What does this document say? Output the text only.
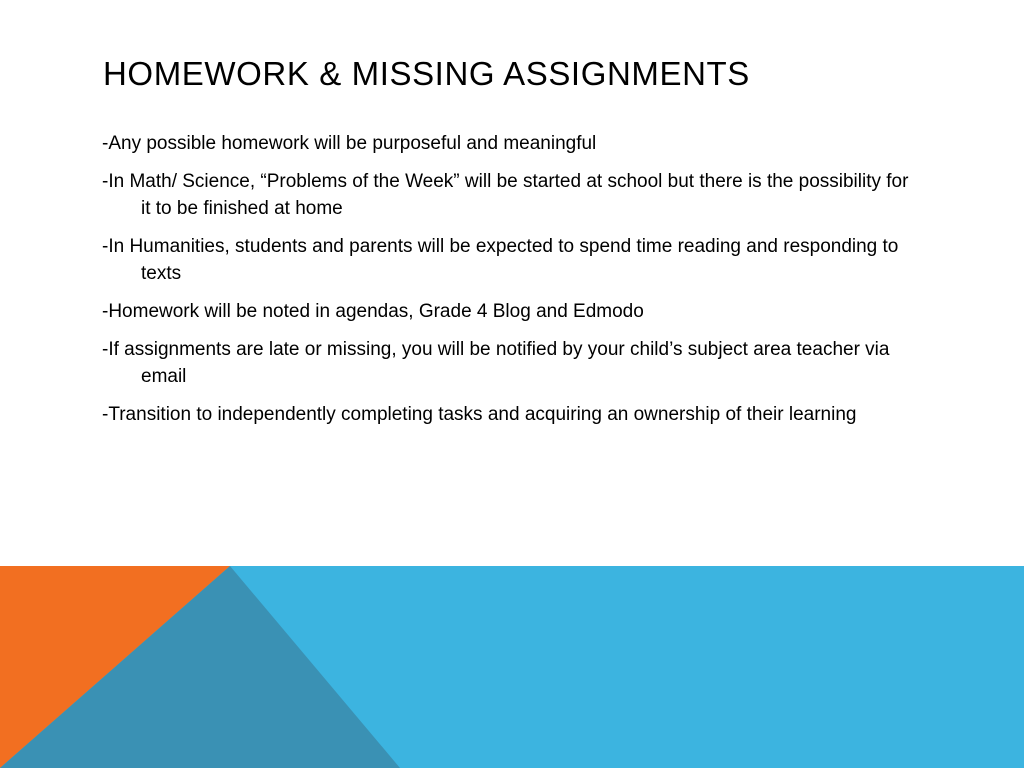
HOMEWORK & MISSING ASSIGNMENTS
-Any possible homework will be purposeful and meaningful
-In Math/ Science, “Problems of the Week” will be started at school but there is the possibility for it to be finished at home
-In Humanities, students and parents will be expected to spend time reading and responding to texts
-Homework will be noted in agendas, Grade 4 Blog and Edmodo
-If assignments are late or missing, you will be notified by your child’s subject area teacher via email
-Transition to independently completing tasks and acquiring an ownership of their learning
